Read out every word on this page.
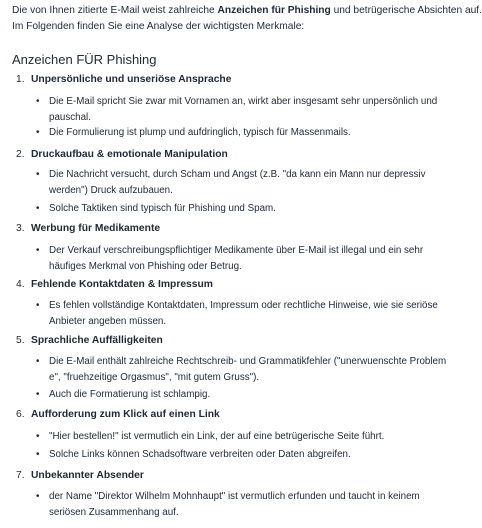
Die von Ihnen zitierte E-Mail weist zahlreiche Anzeichen für Phishing und betrügerische Absichten auf. Im Folgenden finden Sie eine Analyse der wichtigsten Merkmale:

Anzeichen FÜR Phishing
1. Unpersönliche und unseriöse Ansprache
• Die E-Mail spricht Sie zwar mit Vornamen an, wirkt aber insgesamt sehr unpersönlich und pauschal.
• Die Formulierung ist plump und aufdringlich, typisch für Massenmails.
2. Druckaufbau & emotionale Manipulation
• Die Nachricht versucht, durch Scham und Angst (z.B. "da kann ein Mann nur depressiv werden") Druck aufzubauen.
• Solche Taktiken sind typisch für Phishing und Spam.
3. Werbung für Medikamente
• Der Verkauf verschreibungspflichtiger Medikamente über E-Mail ist illegal und ein sehr häufiges Merkmal von Phishing oder Betrug.
4. Fehlende Kontaktdaten & Impressum
• Es fehlen vollständige Kontaktdaten, Impressum oder rechtliche Hinweise, wie sie seriöse Anbieter angeben müssen.
5. Sprachliche Auffälligkeiten
• Die E-Mail enthält zahlreiche Rechtschreib- und Grammatikfehler ("unerwuenschte Problem e", "fruehzeitige Orgasmus", "mit gutem Gruss").
• Auch die Formatierung ist schlampig.
6. Aufforderung zum Klick auf einen Link
• "Hier bestellen!" ist vermutlich ein Link, der auf eine betrügerische Seite führt.
• Solche Links können Schadsoftware verbreiten oder Daten abgreifen.
7. Unbekannter Absender
• der Name "Direktor Wilhelm Mohnhaupt" ist vermutlich erfunden und taucht in keinem seriösen Zusammenhang auf.
